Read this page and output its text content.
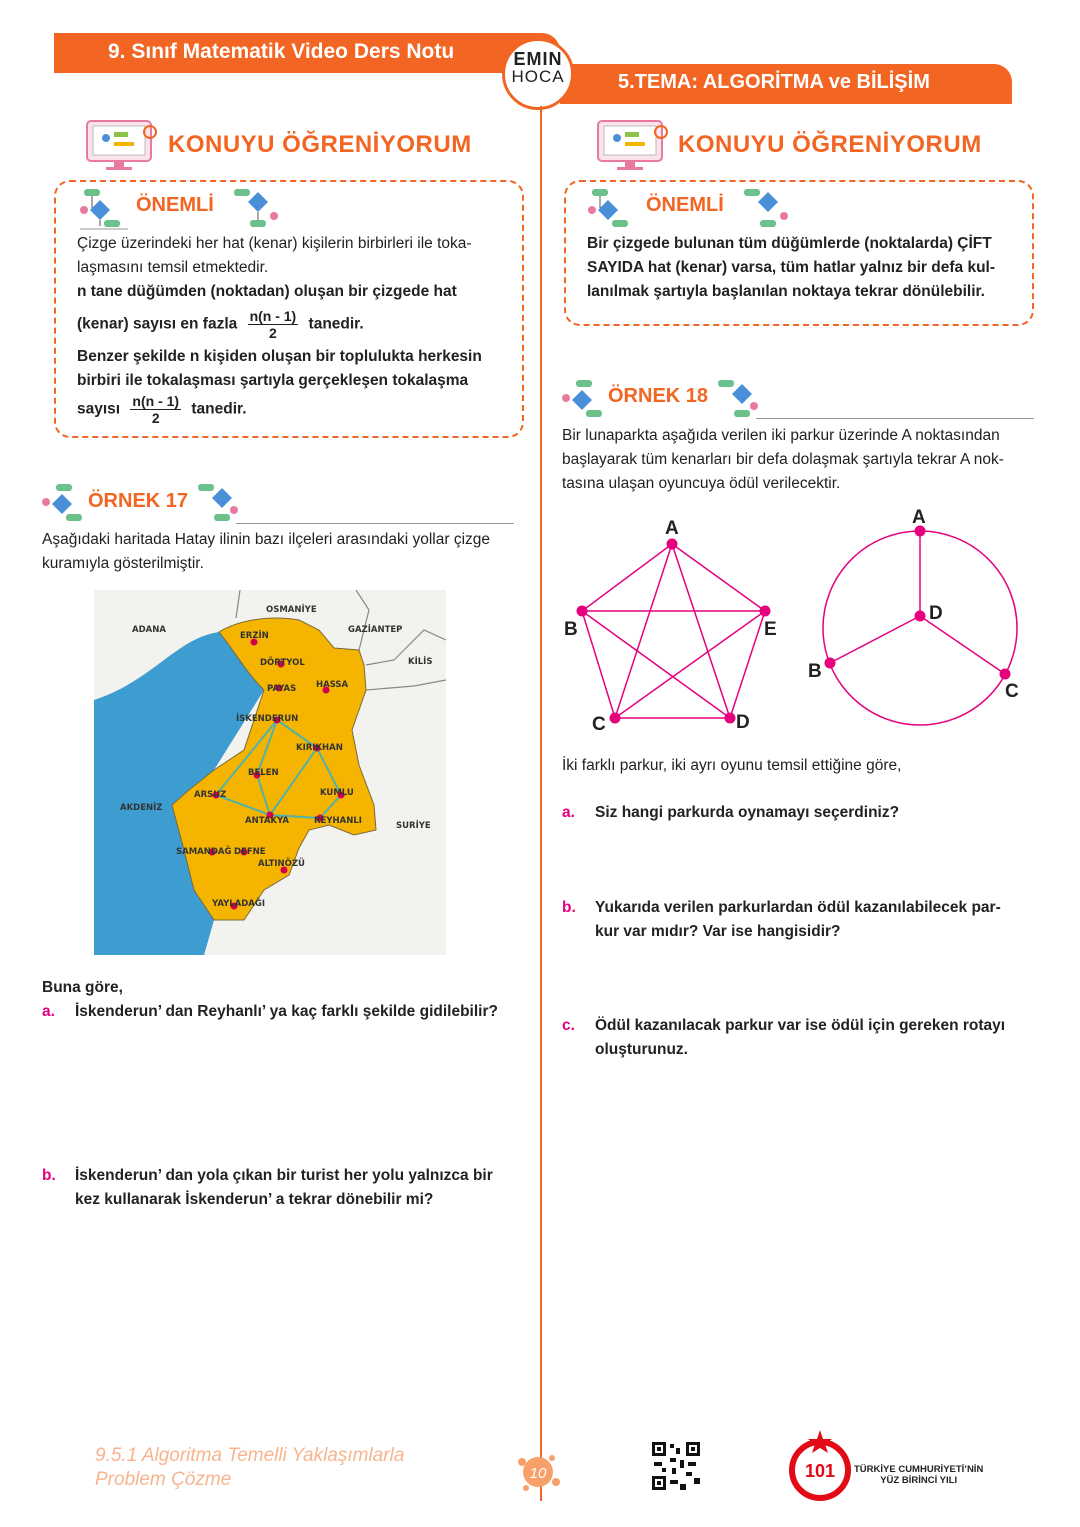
9. Sınıf Matematik Video Ders Notu
5.TEMA: ALGORİTMA ve BİLİŞİM
EMIN
HOCA
KONUYU ÖĞRENİYORUM
ÖNEMLİ
Çizge üzerindeki her hat (kenar) kişilerin birbirleri ile toka-
laşmasını temsil etmektedir.
n tane düğümden (noktadan) oluşan bir çizgede hat
(kenar) sayısı en fazla $\frac{n(n - 1)}{2}$ tanedir.
Benzer şekilde n kişiden oluşan bir toplulukta herkesin
birbiri ile tokalaşması şartıyla gerçekleşen tokalaşma
sayısı $\frac{n(n - 1)}{2}$ tanedir.
ÖRNEK 17
Aşağıdaki haritada Hatay ilinin bazı ilçeleri arasındaki yollar çizge
kuramıyla gösterilmiştir.
ADANA
OSMANİYE
GAZİANTEP
KİLİS
AKDENİZ
SURİYE
ERZİN
DÖRTYOL
PAYAS HASSA
İSKENDERUN
KIRIKHAN
BELEN
ARSUZ	KUMLU
ANTAKYA	REYHANLI
SAMANDAĞ DEFNE
ALTINÖZÜ
YAYLADAĞI
Buna göre,
a. İskenderun’ dan Reyhanlı’ ya kaç farklı şekilde gidilebilir?
b. İskenderun’ dan yola çıkan bir turist her yolu yalnızca bir
kez kullanarak İskenderun’ a tekrar dönebilir mi?
KONUYU ÖĞRENİYORUM
ÖNEMLİ
Bir çizgede bulunan tüm düğümlerde (noktalarda) ÇİFT
SAYIDA hat (kenar) varsa, tüm hatlar yalnız bir defa kul-
lanılmak şartıyla başlanılan noktaya tekrar dönülebilir.
ÖRNEK 18
Bir lunaparkta aşağıda verilen iki parkur üzerinde A noktasından
başlayarak tüm kenarları bir defa dolaşmak şartıyla tekrar A nok-
tasına ulaşan oyuncuya ödül verilecektir.
A
B	E
C	D
A
D
B
C
İki farklı parkur, iki ayrı oyunu temsil ettiğine göre,
a. Siz hangi parkurda oynamayı seçerdiniz?
b. Yukarıda verilen parkurlardan ödül kazanılabilecek par-
kur var mıdır? Var ise hangisidir?
c. Ödül kazanılacak parkur var ise ödül için gereken rotayı
oluşturunuz.
9.5.1 Algoritma Temelli Yaklaşımlarla
Problem Çözme	10	101 TÜRKİYE CUMHURİYETİ’NİN
YÜZ BİRİNCİ YILI
